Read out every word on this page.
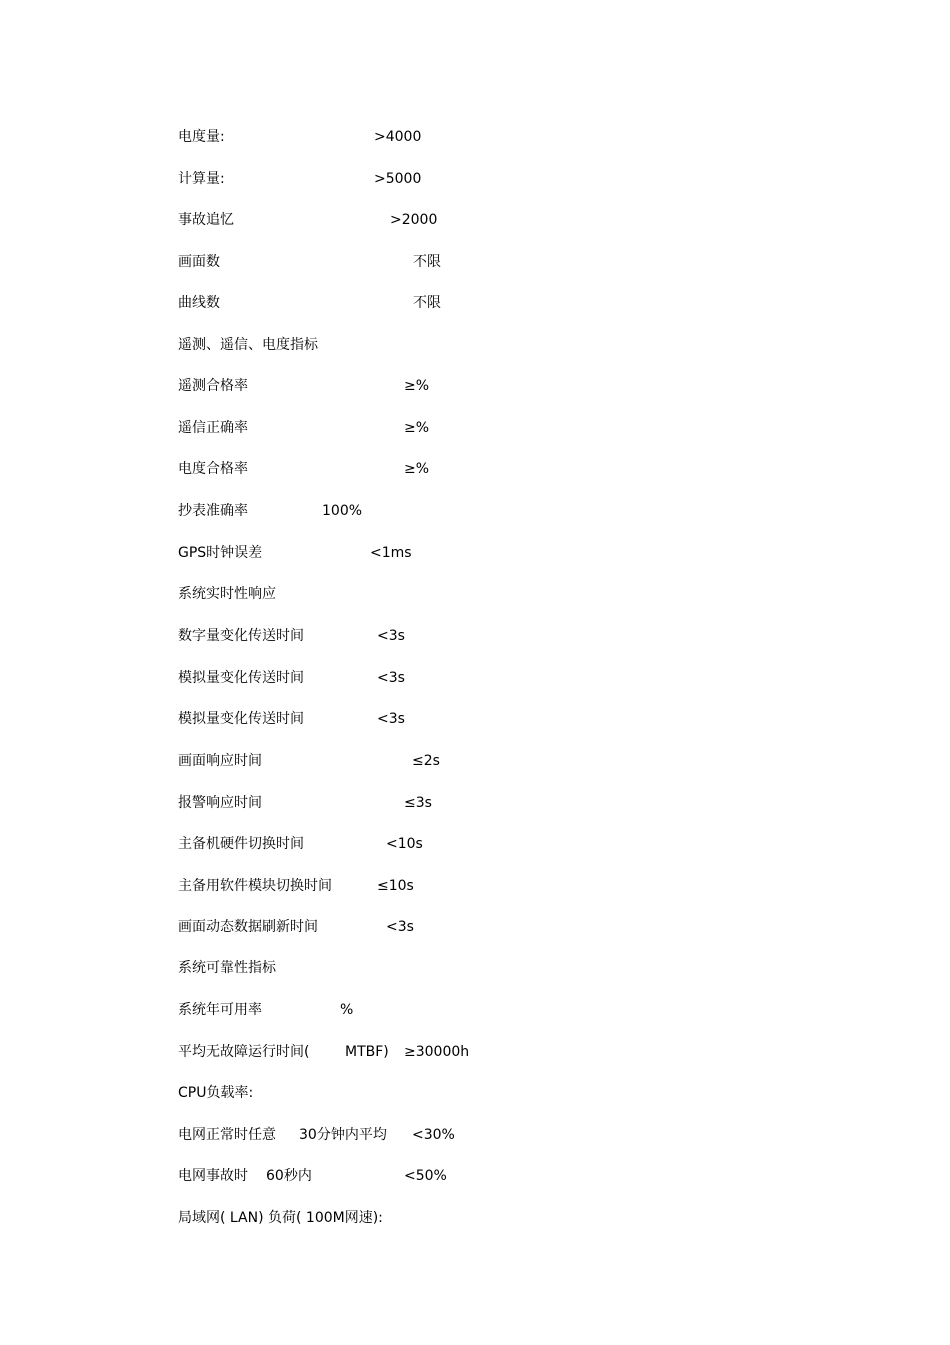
电度量:	>4000
计算量:	>5000
事故追忆	>2000
画面数	不限
曲线数	不限
遥测、遥信、电度指标
遥测合格率	≥%
遥信正确率	≥%
电度合格率	≥%
抄表准确率	100%
GPS时钟误差	<1ms
系统实时性响应
数字量变化传送时间	<3s
模拟量变化传送时间	<3s
模拟量变化传送时间	<3s
画面响应时间	≤2s
报警响应时间	≤3s
主备机硬件切换时间	<10s
主备用软件模块切换时间	≤10s
画面动态数据刷新时间	<3s
系统可靠性指标
系统年可用率	%
平均无故障运行时间(	MTBF) ≥30000h
CPU负载率:
电网正常时任意 30分钟内平均 <30%
电网事故时 60秒内	<50%
局域网( LAN) 负荷( 100M网速):
